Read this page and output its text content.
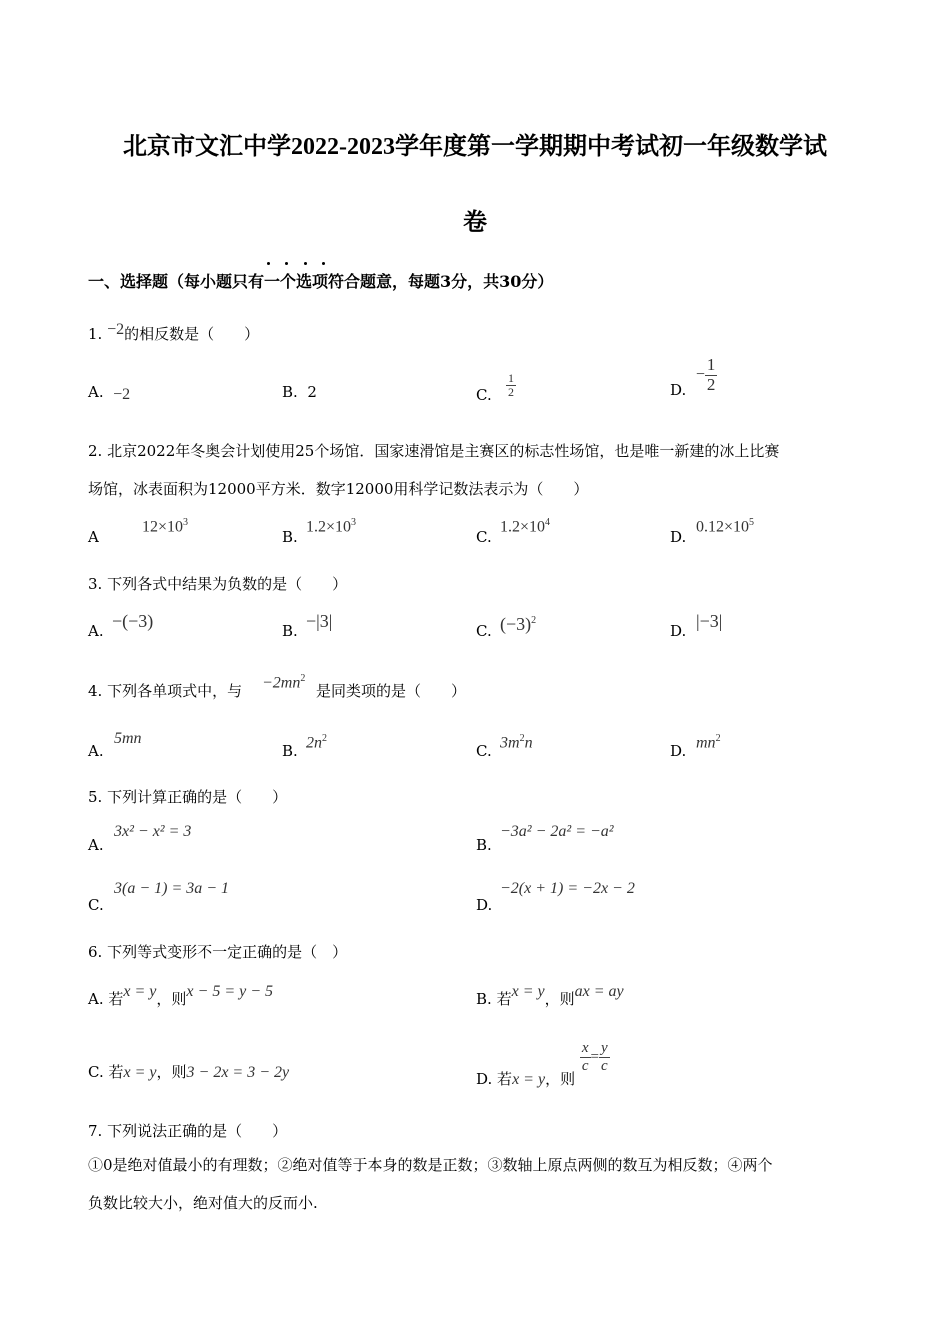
北京市文汇中学2022-2023学年度第一学期期中考试初一年级数学试
卷
一、选择题（每小题只有一个选项符合题意，每题3分，共30分）
1. −2的相反数是（　　）
A. −2	B. 2	C. $\frac{1}{2}$	D.  − $\frac{1}{2}$
2. 北京2022年冬奥会计划使用25个场馆．国家速滑馆是主赛区的标志性场馆，也是唯一新建的冰上比赛
场馆，冰表面积为12000平方米．数字12000用科学记数法表示为（　　）
A
$12\times 10^3$
B.
$1.2\times 10^3$
C.
$1.2\times 10^4$
D.
$0.12\times 10^5$
3. 下列各式中结果为负数的是（　　）
A. −(−3)	B. −|3|	C. $(-3)^2$
D. |−3|
4. 下列各单项式中，与 $-2mn^2$
是同类项的是（　　）
A.
5mn
B. $2n^2$
C. $3m^2n$	D. $mn^2$
5. 下列计算正确的是（　　）
A.
3x² − x² = 3
B.
−3a² − 2a² = −a²
C.
3(a − 1) = 3a − 1
D.
−2(x + 1) = −2x − 2
6. 下列等式变形不一定正确的是（　）
A. 若x = y，则x − 5 = y − 5	B. 若x = y，则ax = ay
C. 若x = y，则3 − 2x = 3 − 2y	D. 若x = y，则
$\frac{x}{c} = \frac{y}{c}$
7. 下列说法正确的是（　　）
①0是绝对值最小的有理数；②绝对值等于本身的数是正数；③数轴上原点两侧的数互为相反数；④两个
负数比较大小，绝对值大的反而小.
